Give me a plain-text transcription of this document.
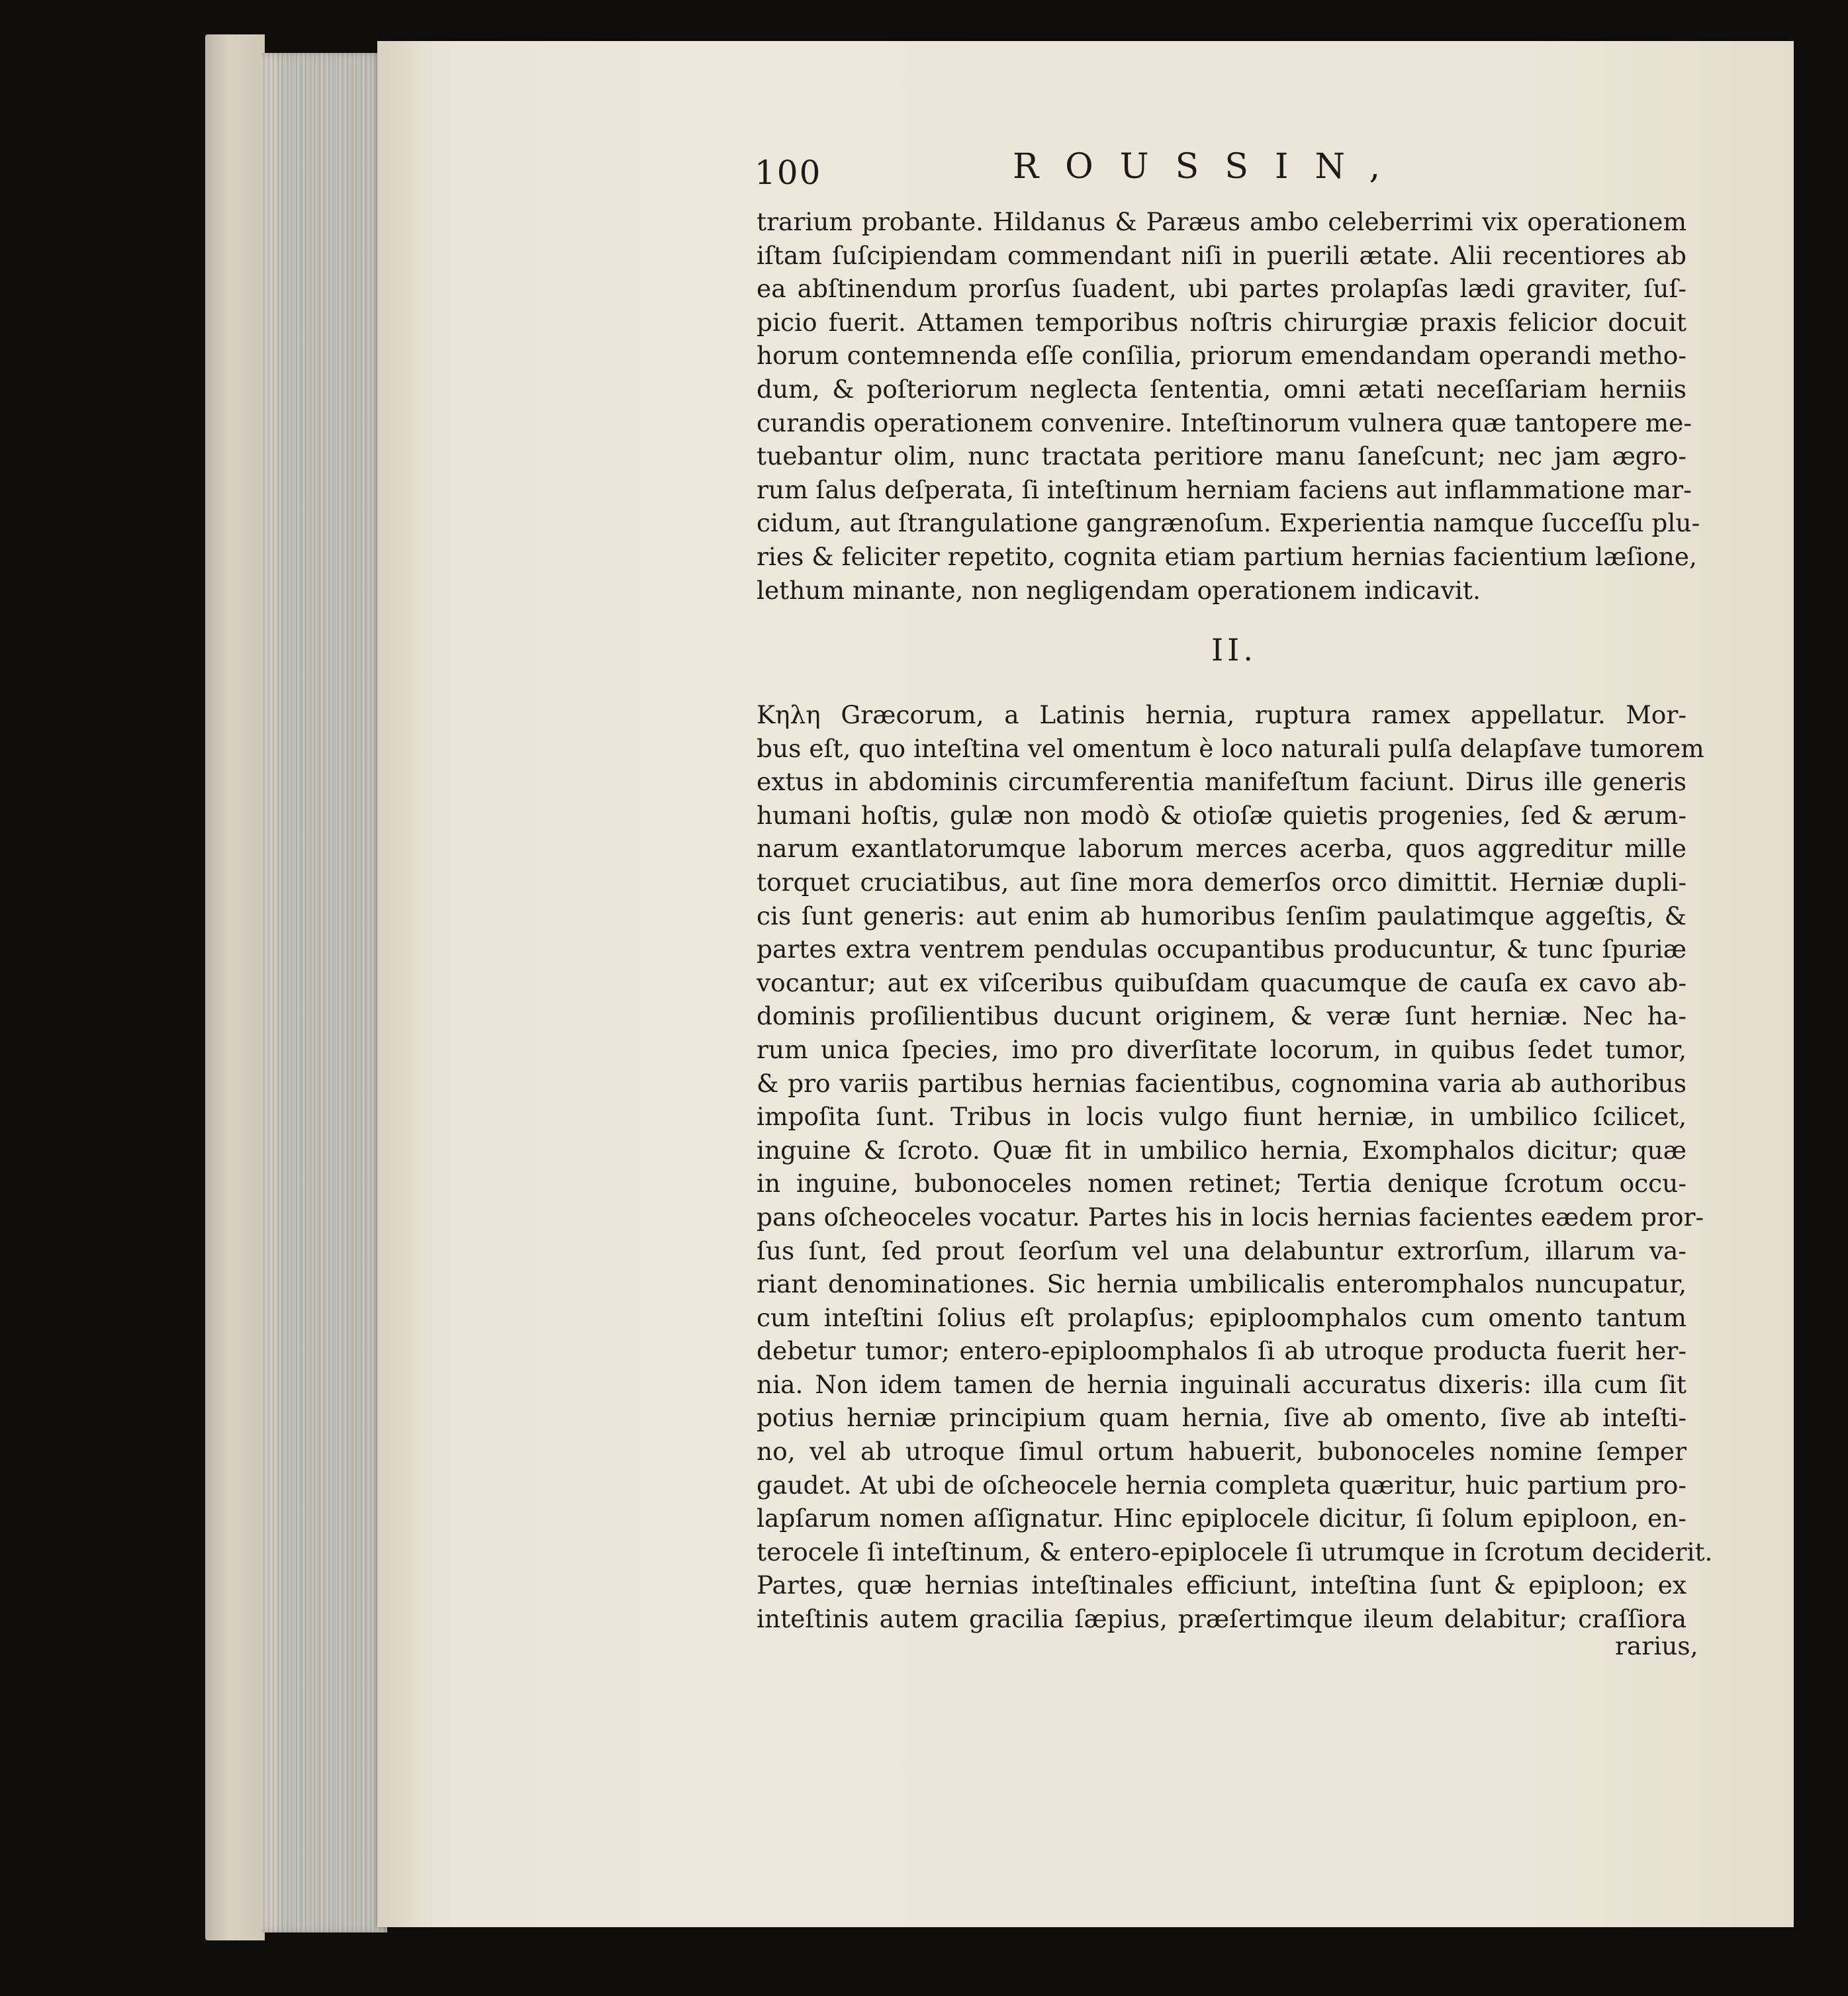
100	ROUSSIN,
trarium probante. Hildanus & Paræus ambo celeberrimi vix operationem
iſtam ſuſcipiendam commendant niſi in puerili ætate. Alii recentiores ab
ea abſtinendum prorſus ſuadent, ubi partes prolapſas lædi graviter, ſuſ-
picio fuerit. Attamen temporibus noſtris chirurgiæ praxis felicior docuit
horum contemnenda eſſe conſilia, priorum emendandam operandi metho-
dum, & poſteriorum neglecta ſententia, omni ætati neceſſariam herniis
curandis operationem convenire. Inteſtinorum vulnera quæ tantopere me-
tuebantur olim, nunc tractata peritiore manu ſaneſcunt; nec jam ægro-
rum ſalus deſperata, ſi inteſtinum herniam faciens aut inflammatione mar-
cidum, aut ſtrangulatione gangrænoſum. Experientia namque ſucceſſu plu-
ries & feliciter repetito, cognita etiam partium hernias facientium læſione,
lethum minante, non negligendam operationem indicavit.
II.
Κηλη Græcorum, a Latinis hernia, ruptura ramex appellatur. Mor-
bus eſt, quo inteſtina vel omentum è loco naturali pulſa delapſave tumorem
extus in abdominis circumferentia manifeſtum faciunt. Dirus ille generis
humani hoſtis, gulæ non modò & otioſæ quietis progenies, ſed & ærum-
narum exantlatorumque laborum merces acerba, quos aggreditur mille
torquet cruciatibus, aut ſine mora demerſos orco dimittit. Herniæ dupli-
cis ſunt generis: aut enim ab humoribus ſenſim paulatimque aggeſtis, &
partes extra ventrem pendulas occupantibus producuntur, & tunc ſpuriæ
vocantur; aut ex viſceribus quibuſdam quacumque de cauſa ex cavo ab-
dominis proſilientibus ducunt originem, & veræ ſunt herniæ. Nec ha-
rum unica ſpecies, imo pro diverſitate locorum, in quibus ſedet tumor,
& pro variis partibus hernias facientibus, cognomina varia ab authoribus
impoſita ſunt. Tribus in locis vulgo fiunt herniæ, in umbilico ſcilicet,
inguine & ſcroto. Quæ fit in umbilico hernia, Exomphalos dicitur; quæ
in inguine, bubonoceles nomen retinet; Tertia denique ſcrotum occu-
pans oſcheoceles vocatur. Partes his in locis hernias facientes eædem pror-
ſus ſunt, ſed prout ſeorſum vel una delabuntur extrorſum, illarum va-
riant denominationes. Sic hernia umbilicalis enteromphalos nuncupatur,
cum inteſtini ſolius eſt prolapſus; epiploomphalos cum omento tantum
debetur tumor; entero-epiploomphalos ſi ab utroque producta fuerit her-
nia. Non idem tamen de hernia inguinali accuratus dixeris: illa cum ſit
potius herniæ principium quam hernia, ſive ab omento, ſive ab inteſti-
no, vel ab utroque ſimul ortum habuerit, bubonoceles nomine ſemper
gaudet. At ubi de oſcheocele hernia completa quæritur, huic partium pro-
lapſarum nomen aſſignatur. Hinc epiplocele dicitur, ſi ſolum epiploon, en-
terocele ſi inteſtinum, & entero-epiplocele ſi utrumque in ſcrotum deciderit.
Partes, quæ hernias inteſtinales efficiunt, inteſtina ſunt & epiploon; ex
inteſtinis autem gracilia ſæpius, præſertimque ileum delabitur; craſſiora
rarius,
